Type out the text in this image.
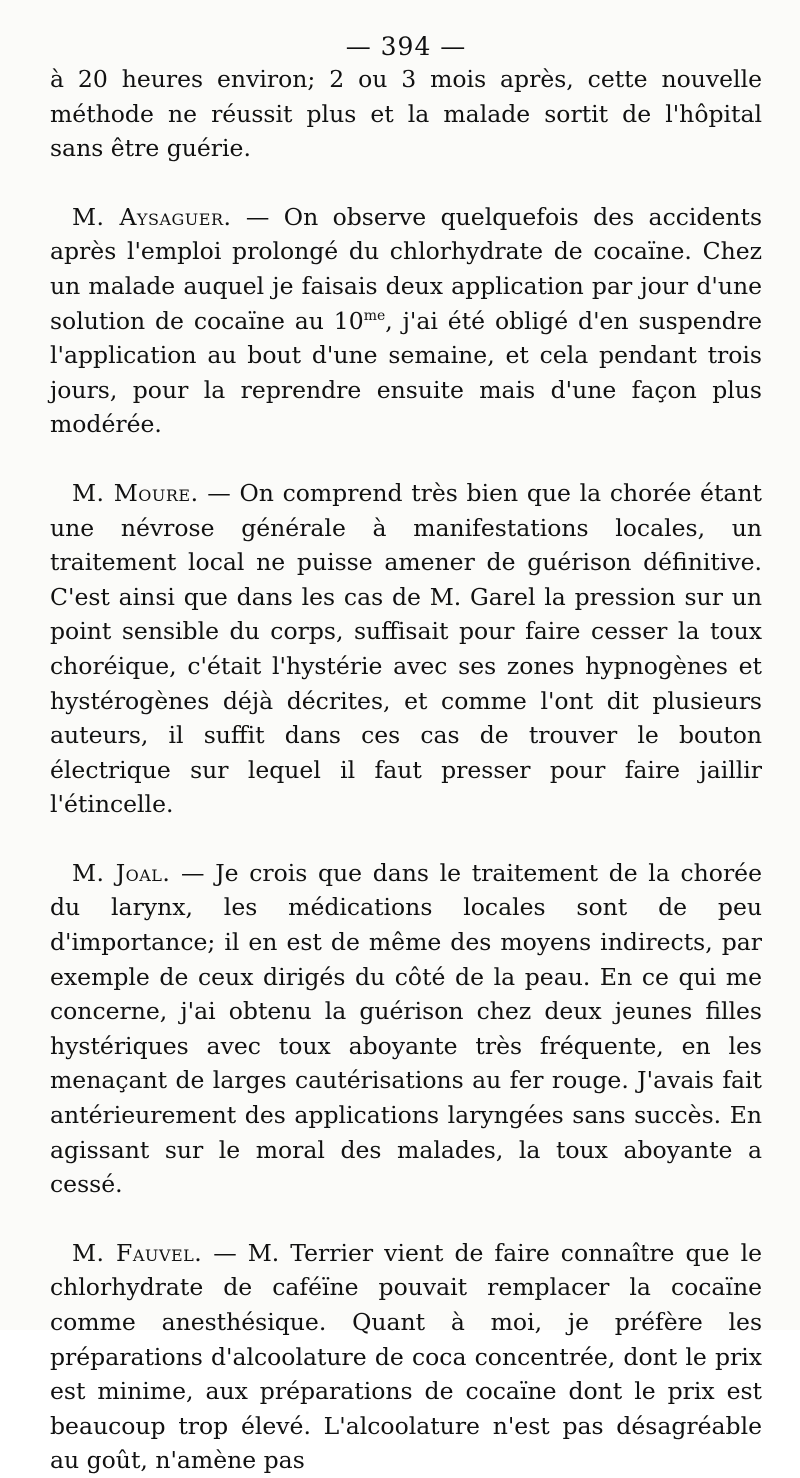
— 394 —

à 20 heures environ; 2 ou 3 mois après, cette nouvelle méthode ne réussit plus et la malade sortit de l'hôpital sans être guérie.

M. Aysaguer. — On observe quelquefois des accidents après l'emploi prolongé du chlorhydrate de cocaïne. Chez un malade auquel je faisais deux application par jour d'une solution de cocaïne au $10^{me}$, j'ai été obligé d'en suspendre l'application au bout d'une semaine, et cela pendant trois jours, pour la reprendre ensuite mais d'une façon plus modérée.

M. Moure. — On comprend très bien que la chorée étant une névrose générale à manifestations locales, un traitement local ne puisse amener de guérison définitive. C'est ainsi que dans les cas de M. Garel la pression sur un point sensible du corps, suffisait pour faire cesser la toux choréique, c'était l'hystérie avec ses zones hypnogènes et hystérogènes déjà décrites, et comme l'ont dit plusieurs auteurs, il suffit dans ces cas de trouver le bouton électrique sur lequel il faut presser pour faire jaillir l'étincelle.

M. Joal. — Je crois que dans le traitement de la chorée du larynx, les médications locales sont de peu d'importance; il en est de même des moyens indirects, par exemple de ceux dirigés du côté de la peau. En ce qui me concerne, j'ai obtenu la guérison chez deux jeunes filles hystériques avec toux aboyante très fréquente, en les menaçant de larges cautérisations au fer rouge. J'avais fait antérieurement des applications laryngées sans succès. En agissant sur le moral des malades, la toux aboyante a cessé.

M. Fauvel. — M. Terrier vient de faire connaître que le chlorhydrate de caféïne pouvait remplacer la cocaïne comme anesthésique. Quant à moi, je préfère les préparations d'alcoolature de coca concentrée, dont le prix est minime, aux préparations de cocaïne dont le prix est beaucoup trop élevé. L'alcoolature n'est pas désagréable au goût, n'amène pas
